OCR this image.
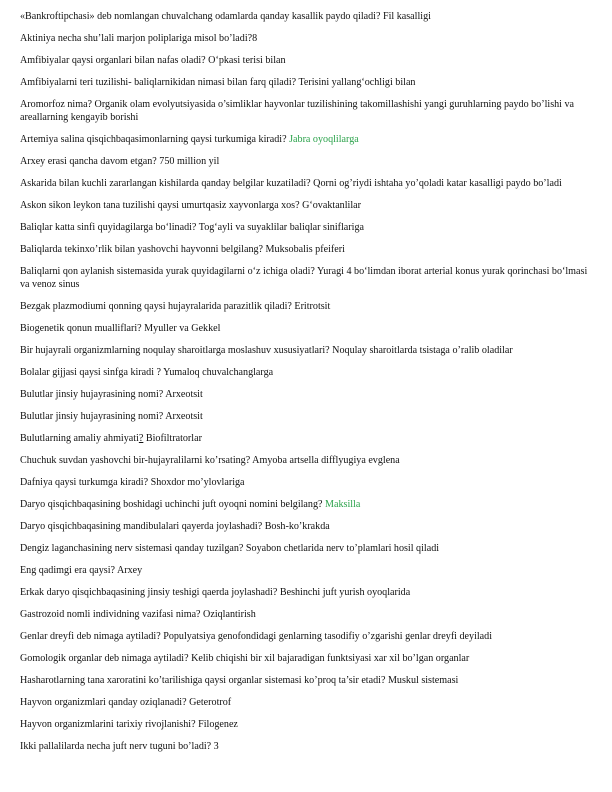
«Bankroftipchasi» deb nomlangan chuvalchang odamlarda qanday kasallik paydo qiladi? Fil kasalligi

Aktiniya necha shu’lali marjon poliplariga misol bo’ladi?8

Amfibiyalar qaysi organlari bilan nafas oladi? O‘pkasi terisi bilan

Amfibiyalarni teri tuzilishi- baliqlarnikidan nimasi bilan farq qiladi? Terisini yallang‘ochligi bilan

Aromorfoz nima? Organik olam evolyutsiyasida o’simliklar hayvonlar tuzilishining takomillashishi yangi guruhlarning paydo bo’lishi va areallarning kengayib borishi

Artemiya salina qisqichbaqasimonlarning qaysi turkumiga kiradi? Jabra oyoqlilarga

Arxey erasi qancha davom etgan? 750 million yil

Askarida bilan kuchli zararlangan kishilarda qanday belgilar kuzatiladi? Qorni og’riydi ishtaha yo’qoladi katar kasalligi paydo bo’ladi

Askon sikon leykon tana tuzilishi qaysi umurtqasiz xayvonlarga xos? G‘ovaktanlilar

Baliqlar katta sinfi quyidagilarga bo‘linadi? Tog‘ayli va suyaklilar baliqlar siniflariga

Baliqlarda tekinxo’rlik bilan yashovchi hayvonni belgilang? Muksobalis pfeiferi

Baliqlarni qon aylanish sistemasida yurak quyidagilarni o‘z ichiga oladi? Yuragi 4 bo‘limdan iborat arterial konus yurak qorinchasi bo‘lmasi va venoz sinus

Bezgak plazmodiumi qonning qaysi hujayralarida parazitlik qiladi? Eritrotsit

Biogenetik qonun mualliflari? Myuller va Gekkel

Bir hujayrali organizmlarning noqulay sharoitlarga moslashuv xususiyatlari? Noqulay sharoitlarda tsistaga o’ralib oladilar

Bolalar gijjasi qaysi sinfga kiradi ? Yumaloq chuvalchanglarga

Bulutlar jinsiy hujayrasining nomi? Arxeotsit

Bulutlar jinsiy hujayrasining nomi? Arxeotsit

Bulutlarning amaliy ahmiyati? Biofiltratorlar

Chuchuk suvdan yashovchi bir-hujayralilarni ko’rsating? Amyoba artsella difflyugiya evglena

Dafniya qaysi turkumga kiradi? Shoxdor mo’ylovlariga

Daryo qisqichbaqasining boshidagi uchinchi juft oyoqni nomini belgilang? Maksilla

Daryo qisqichbaqasining mandibulalari qayerda joylashadi? Bosh-ko’krakda

Dengiz laganchasining nerv sistemasi qanday tuzilgan? Soyabon chetlarida nerv to’plamlari hosil qiladi

Eng qadimgi era qaysi? Arxey

Erkak daryo qisqichbaqasining jinsiy teshigi qaerda joylashadi? Beshinchi juft yurish oyoqlarida

Gastrozoid nomli individning vazifasi nima? Oziqlantirish

Genlar dreyfi deb nimaga aytiladi? Populyatsiya genofondidagi genlarning tasodifiy o’zgarishi genlar dreyfi deyiladi

Gomologik organlar deb nimaga aytiladi? Kelib chiqishi bir xil bajaradigan funktsiyasi xar xil bo’lgan organlar

Hasharotlarning tana xaroratini ko’tarilishiga qaysi organlar sistemasi ko’proq ta’sir etadi? Muskul sistemasi

Hayvon organizmlari qanday oziqlanadi? Geterotrof

Hayvon organizmlarini tarixiy rivojlanishi? Filogenez

Ikki pallalilarda necha juft nerv tuguni bo’ladi? 3
